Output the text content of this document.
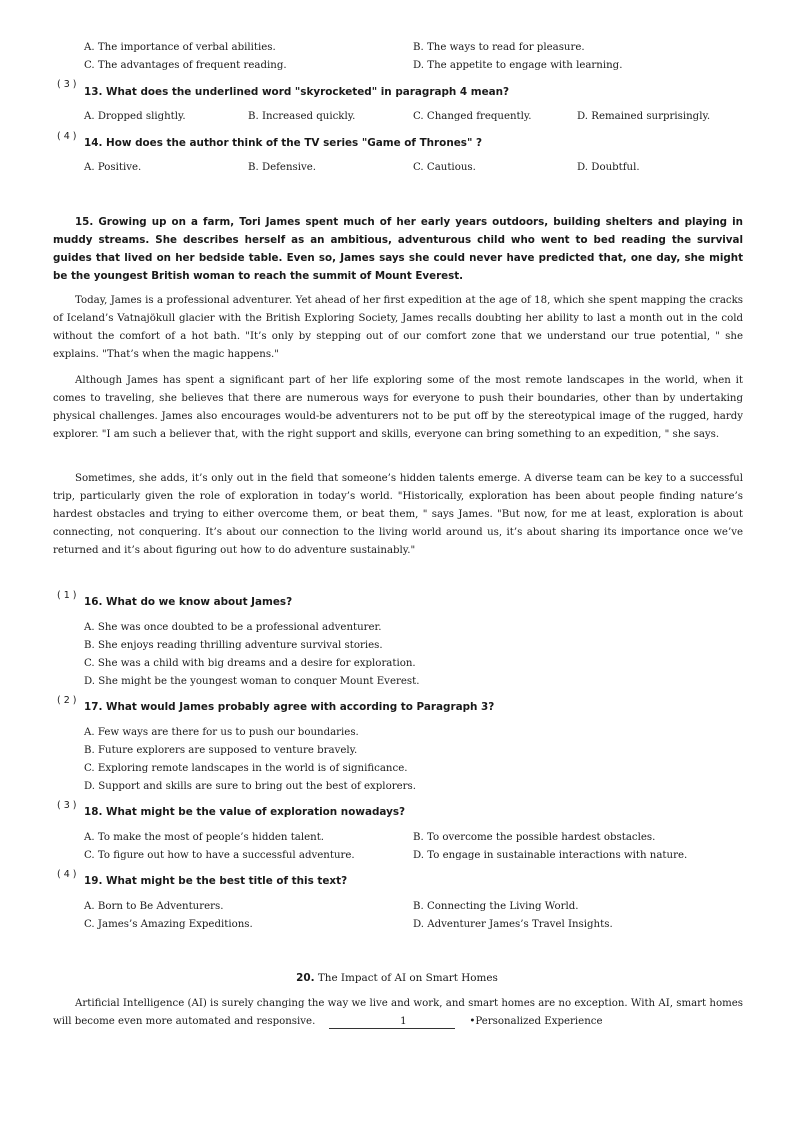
A. The importance of verbal abilities.	B. The ways to read for pleasure.
C. The advantages of frequent reading.	D. The appetite to engage with learning.
( 3 )
13. What does the underlined word "skyrocketed" in paragraph 4 mean?
A. Dropped slightly.	B. Increased quickly.	C. Changed frequently.	D. Remained surprisingly.
( 4 )
14. How does the author think of the TV series "Game of Thrones" ?
A. Positive.	B. Defensive.	C. Cautious.	D. Doubtful.
15. Growing up on a farm, Tori James spent much of her early years outdoors, building shelters and playing in muddy streams. She describes herself as an ambitious, adventurous child who went to bed reading the survival guides that lived on her bedside table. Even so, James says she could never have predicted that, one day, she might be the youngest British woman to reach the summit of Mount Everest.
Today, James is a professional adventurer. Yet ahead of her first expedition at the age of 18, which she spent mapping the cracks of Iceland’s Vatnajökull glacier with the British Exploring Society, James recalls doubting her ability to last a month out in the cold without the comfort of a hot bath. "It’s only by stepping out of our comfort zone that we understand our true potential, " she explains. "That’s when the magic happens."
Although James has spent a significant part of her life exploring some of the most remote landscapes in the world, when it comes to traveling, she believes that there are numerous ways for everyone to push their boundaries, other than by undertaking physical challenges. James also encourages would-be adventurers not to be put off by the stereotypical image of the rugged, hardy explorer. "I am such a believer that, with the right support and skills, everyone can bring something to an expedition, " she says.
Sometimes, she adds, it’s only out in the field that someone’s hidden talents emerge. A diverse team can be key to a successful trip, particularly given the role of exploration in today’s world. "Historically, exploration has been about people finding nature’s hardest obstacles and trying to either overcome them, or beat them, " says James. "But now, for me at least, exploration is about connecting, not conquering. It’s about our connection to the living world around us, it’s about sharing its importance once we’ve returned and it’s about figuring out how to do adventure sustainably."
( 1 )
16. What do we know about James?
A. She was once doubted to be a professional adventurer.
B. She enjoys reading thrilling adventure survival stories.
C. She was a child with big dreams and a desire for exploration.
D. She might be the youngest woman to conquer Mount Everest.
( 2 )
17. What would James probably agree with according to Paragraph 3?
A. Few ways are there for us to push our boundaries.
B. Future explorers are supposed to venture bravely.
C. Exploring remote landscapes in the world is of significance.
D. Support and skills are sure to bring out the best of explorers.
( 3 )
18. What might be the value of exploration nowadays?
A. To make the most of people’s hidden talent.	B. To overcome the possible hardest obstacles.
C. To figure out how to have a successful adventure.	D. To engage in sustainable interactions with nature.
( 4 )
19. What might be the best title of this text?
A. Born to Be Adventurers.	B. Connecting the Living World.
C. James’s Amazing Expeditions.	D. Adventurer James’s Travel Insights.
20. The Impact of AI on Smart Homes
Artificial Intelligence (AI) is surely changing the way we live and work, and smart homes are no exception. With AI, smart homes will become even more automated and responsive.	1	•Personalized Experience
